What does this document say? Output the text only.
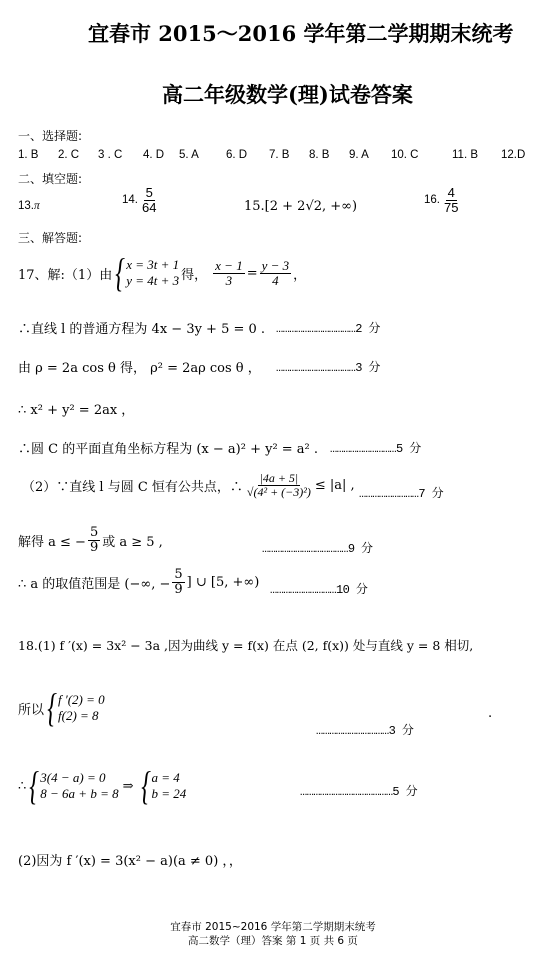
宜春市 2015～2016 学年第二学期期末统考
高二年级数学(理)试卷答案
一、选择题:
1. B 2. C 3 . C 4. D 5. A 6. D 7. B 8. B 9. A 10. C	11. B 12.D
二、填空题:
13.π	14. $\frac{5}{64}$	15.[2 + 2√2, +∞)	16. $\frac{4}{75}$
三、解答题:
17、解:（1）由 { x = 3t + 1
y = 4t + 3 得， $\frac{x - 1}{3} = \frac{y - 3}{4}$ ，
∴直线 l 的普通方程为 4x − 3y + 5 = 0 . ………………………………2 分
由 ρ = 2a cos θ 得， ρ² = 2aρ cos θ ， ………………………………3 分
∴ x² + y² = 2ax ，
∴圆 C 的平面直角坐标方程为 (x − a)² + y² = a² . …………………………5 分
（2）∵直线 l 与圆 C 恒有公共点，∴ $\frac{|4a + 5|}{\text{√(4² + (−3)²)}} \le |a|$ ,
………………………7 分
解得 a ≤ − $\frac{5}{9}$ 或 a ≥ 5 ,	…………………………………9 分
∴ a 的取值范围是 (−∞, − $\frac{5}{9}$ ] ∪ [5, +∞)
…………………………10 分
18.(1) f ′(x) = 3x² − 3a ,因为曲线 y = f(x) 在点 (2, f(x)) 处与直线 y = 8 相切,
所以 { f ′(2) = 0
f(2) = 8	.
……………………………3 分
∴ { 3(4 − a) = 0
8 − 6a + b = 8 ⇒ { a = 4
b = 24	……………………………………5 分
(2)因为 f ′(x) = 3(x² − a)(a ≠ 0) ，，
宜春市 2015~2016 学年第二学期期末统考
高二数学（理）答案 第 1 页 共 6 页
